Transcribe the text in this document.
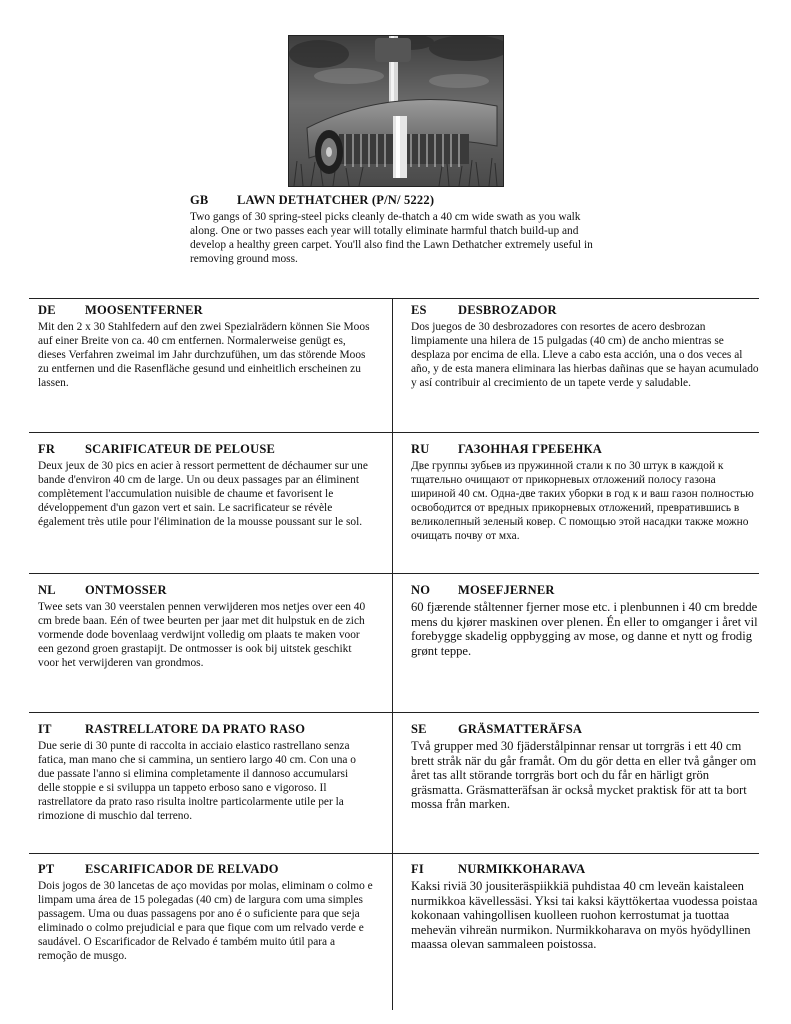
GB LAWN DETHATCHER (P/N/ 5222)
Two gangs of 30 spring-steel picks cleanly de-thatch a 40 cm wide swath as you walk along. One or two passes each year will totally eliminate harmful thatch build-up and develop a healthy green carpet. You'll also find the Lawn Dethatcher extremely useful in removing ground moss.
DE MOOSENTFERNER
Mit den 2 x 30 Stahlfedern auf den zwei Spezialrädern können Sie Moos auf einer Breite von ca. 40 cm entfernen. Normalerweise genügt es, dieses Verfahren zweimal im Jahr durchzufühen, um das störende Moos zu entfernen und die Rasenfläche gesund und einheitlich erscheinen zu lassen.
ES	DESBROZADOR
Dos juegos de 30 desbrozadores con resortes de acero desbrozan limpiamente una hilera de 15 pulgadas (40 cm) de ancho mientras se desplaza por encima de ella. Lleve a cabo esta acción, una o dos veces al año, y de esta manera eliminara las hierbas dañinas que se hayan acumulado y así contribuir al crecimiento de un tapete verde y saludable.
FR SCARIFICATEUR DE PELOUSE
Deux jeux de 30 pics en acier à ressort permettent de déchaumer sur une bande d'environ 40 cm de large. Un ou deux passages par an éliminent complètement l'accumulation nuisible de chaume et favorisent le développement d'un gazon vert et sain. Le sacrificateur se révèle également très utile pour l'élimination de la mousse poussant sur le sol.
RU ГАЗОННАЯ ГРЕБЕНКА
Две группы зубьев из пружинной стали к по 30 штук в каждой к тщательно очищают от прикорневых отложений полосу газона шириной 40 см. Одна-две таких уборки в год к и ваш газон полностью освободится от вредных прикорневых отложений, превратившись в великолепный зеленый ковер. С помощью этой насадки также можно очищать почву от мха.
NL ONTMOSSER
Twee sets van 30 veerstalen pennen verwijderen mos netjes over een 40 cm brede baan. Eén of twee beurten per jaar met dit hulpstuk en de zich vormende dode bovenlaag verdwijnt volledig om plaats te maken voor een gezond groen grastapijt. De ontmosser is ook bij uitstek geschikt voor het verwijderen van grondmos.
NO MOSEFJERNER
60 fjærende ståltenner fjerner mose etc. i plenbunnen i 40 cm bredde mens du kjører maskinen over plenen. Én eller to omganger i året vil forebygge skadelig oppbygging av mose, og danne et nytt og frodig grønt teppe.
IT	RASTRELLATORE DA PRATO RASO
Due serie di 30 punte di raccolta in acciaio elastico rastrellano senza fatica, man mano che si cammina, un sentiero largo 40 cm. Con una o due passate l'anno si elimina completamente il dannoso accumularsi delle stoppie e si sviluppa un tappeto erboso sano e vigoroso. Il rastrellatore da prato raso risulta inoltre particolarmente utile per la rimozione di muschio dal terreno.
SE	GRÄSMATTERÄFSA
Två grupper med 30 fjäderstålpinnar rensar ut torrgräs i ett 40 cm brett stråk när du går framåt. Om du gör detta en eller två gånger om året tas allt störande torrgräs bort och du får en härligt grön gräsmatta. Gräsmatteräfsan är också mycket praktisk för att ta bort mossa från marken.
PT ESCARIFICADOR DE RELVADO
Dois jogos de 30 lancetas de aço movidas por molas, eliminam o colmo e limpam uma área de 15 polegadas (40 cm) de largura com uma simples passagem. Uma ou duas passagens por ano é o suficiente para que seja eliminado o colmo prejudicial e para que fique com um relvado verde e saudável. O Escarificador de Relvado é também muito útil para a remoção de musgo.
FI	NURMIKKOHARAVA
Kaksi riviä 30 jousiteräspiikkiä puhdistaa 40 cm leveän kaistaleen nurmikkoa kävellessäsi. Yksi tai kaksi käyttökertaa vuodessa poistaa kokonaan vahingollisen kuolleen ruohon kerrostumat ja tuottaa mehevän vihreän nurmikon. Nurmikkoharava on myös hyödyllinen maassa olevan sammaleen poistossa.
